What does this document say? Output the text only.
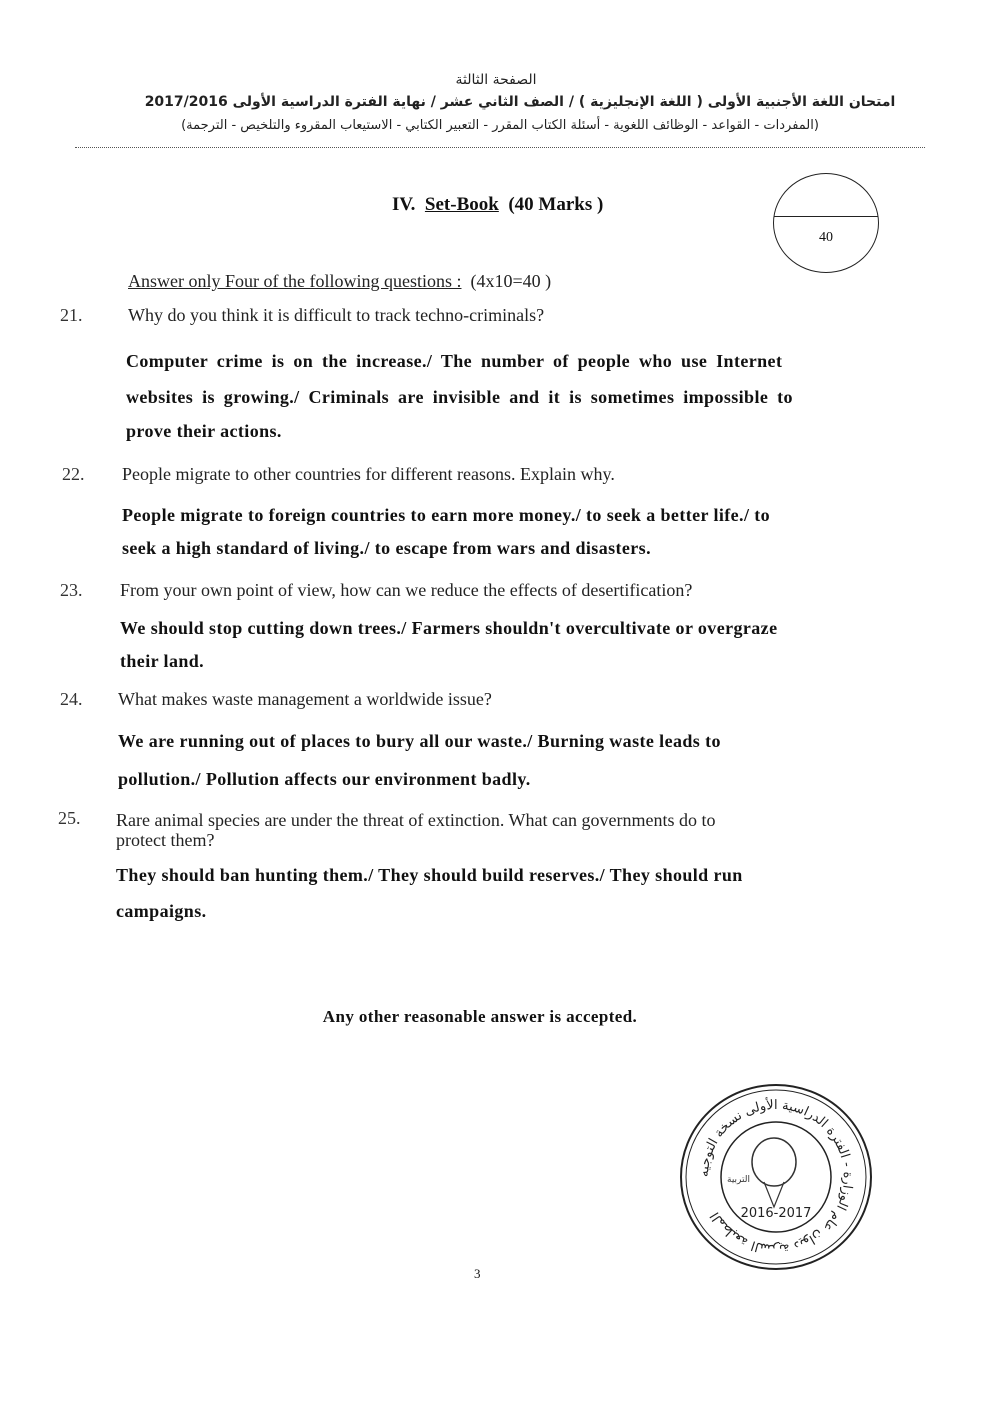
الصفحة الثالثة
امتحان اللغة الأجنبية الأولى ( اللغة الإنجليزية ) / الصف الثاني عشر / نهاية الفترة الدراسية الأولى 2017/2016
(المفردات - القواعد - الوظائف اللغوية - أسئلة الكتاب المقرر - التعبير الكتابي - الاستيعاب المقروء والتلخيص - الترجمة)
IV. Set-Book (40 Marks )
40
Answer only Four of the following questions : (4x10=40 )
21.	Why do you think it is difficult to track techno-criminals?
Computer crime is on the increase./ The number of people who use Internet
websites is growing./ Criminals are invisible and it is sometimes impossible to
prove their actions.
22. People migrate to other countries for different reasons. Explain why.
People migrate to foreign countries to earn more money./ to seek a better life./ to
seek a high standard of living./ to escape from wars and disasters.
23. From your own point of view, how can we reduce the effects of desertification?
We should stop cutting down trees./ Farmers shouldn't overcultivate or overgraze
their land.
24. What makes waste management a worldwide issue?
We are running out of places to bury all our waste./ Burning waste leads to
pollution./ Pollution affects our environment badly.
25. Rare animal species are under the threat of extinction. What can governments do to
protect them?
They should ban hunting them./ They should build reserves./ They should run
campaigns.
Any other reasonable answer is accepted.
3
المطبعة السرية ديوان عام الوزارة - الفترة الدراسية الأولى نسخة التوجيه
التربية
2016-2017
